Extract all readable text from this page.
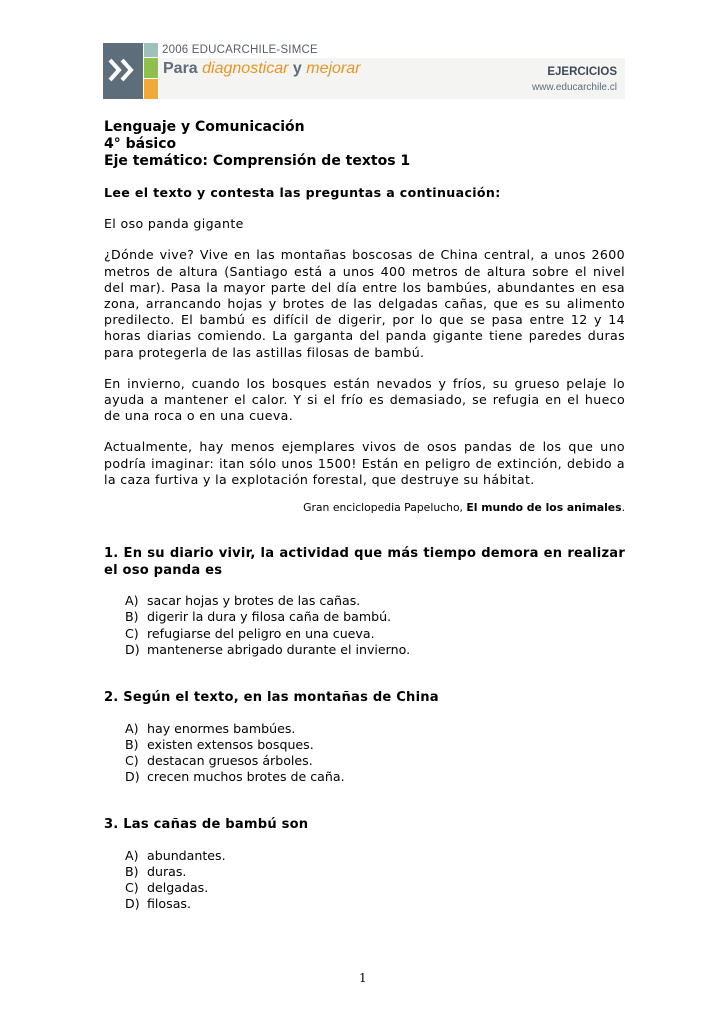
2006 EDUCARCHILE-SIMCE
Para diagnosticar y mejorar	EJERCICIOS
www.educarchile.cl
Lenguaje y Comunicación
4° básico
Eje temático: Comprensión de textos 1
Lee el texto y contesta las preguntas a continuación:
El oso panda gigante

¿Dónde vive? Vive en las montañas boscosas de China central, a unos 2600 metros de altura (Santiago está a unos 400 metros de altura sobre el nivel del mar). Pasa la mayor parte del día entre los bambúes, abundantes en esa zona, arrancando hojas y brotes de las delgadas cañas, que es su alimento predilecto. El bambú es difícil de digerir, por lo que se pasa entre 12 y 14 horas diarias comiendo. La garganta del panda gigante tiene paredes duras para protegerla de las astillas filosas de bambú.

En invierno, cuando los bosques están nevados y fríos, su grueso pelaje lo ayuda a mantener el calor. Y si el frío es demasiado, se refugia en el hueco de una roca o en una cueva.

Actualmente, hay menos ejemplares vivos de osos pandas de los que uno podría imaginar: itan sólo unos 1500! Están en peligro de extinción, debido a la caza furtiva y la explotación forestal, que destruye su hábitat.

Gran enciclopedia Papelucho, El mundo de los animales.
1. En su diario vivir, la actividad que más tiempo demora en realizar el oso panda es
A) sacar hojas y brotes de las cañas.
B) digerir la dura y filosa caña de bambú.
C) refugiarse del peligro en una cueva.
D) mantenerse abrigado durante el invierno.
2. Según el texto, en las montañas de China
A) hay enormes bambúes.
B) existen extensos bosques.
C) destacan gruesos árboles.
D) crecen muchos brotes de caña.
3. Las cañas de bambú son
A) abundantes.
B) duras.
C) delgadas.
D) filosas.
1
